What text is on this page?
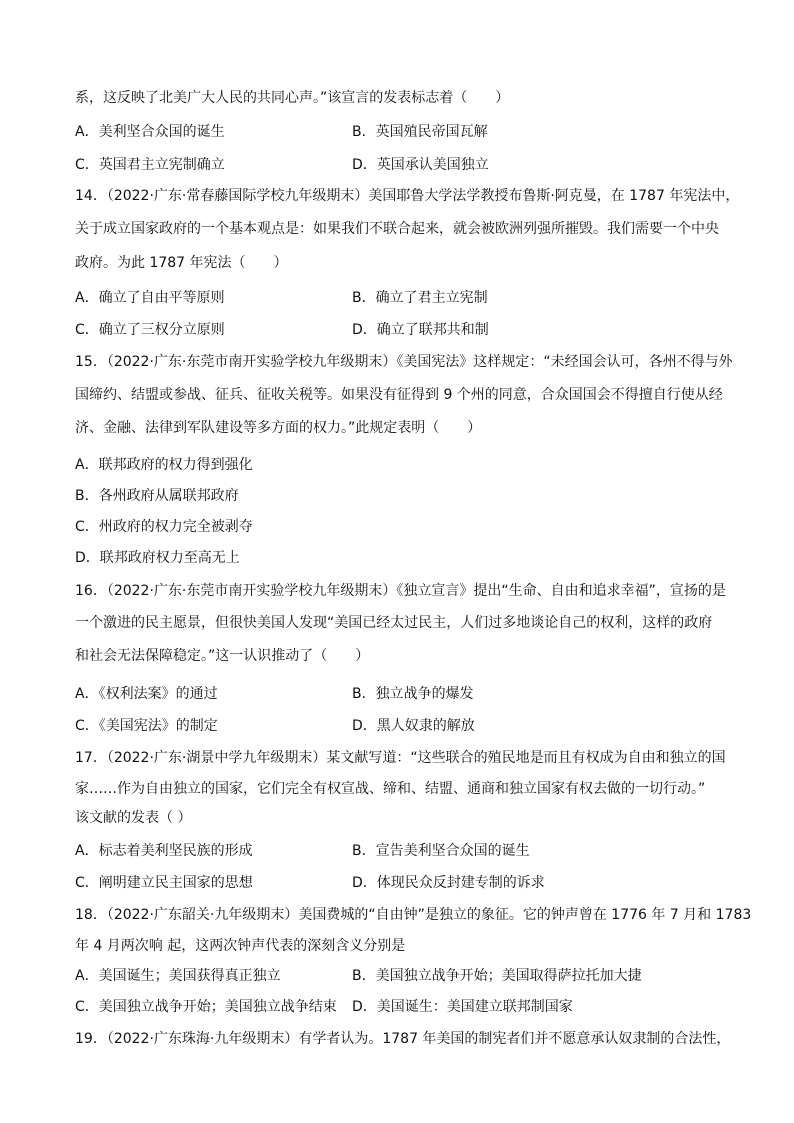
系，这反映了北美广大人民的共同心声。”该宣言的发表标志着（　　）
A．美利坚合众国的诞生	B．英国殖民帝国瓦解
C．英国君主立宪制确立	D．英国承认美国独立
14．（2022·广东·常春藤国际学校九年级期末）美国耶鲁大学法学教授布鲁斯·阿克曼，在 1787 年宪法中，
关于成立国家政府的一个基本观点是：如果我们不联合起来，就会被欧洲列强所摧毁。我们需要一个中央
政府。为此 1787 年宪法（　　）
A．确立了自由平等原则	B．确立了君主立宪制
C．确立了三权分立原则	D．确立了联邦共和制
15．（2022·广东·东莞市南开实验学校九年级期末）《美国宪法》这样规定：“未经国会认可，各州不得与外
国缔约、结盟或参战、征兵、征收关税等。如果没有征得到 9 个州的同意，合众国国会不得擅自行使从经
济、金融、法律到军队建设等多方面的权力。”此规定表明（　　）
A．联邦政府的权力得到强化
B．各州政府从属联邦政府
C．州政府的权力完全被剥夺
D．联邦政府权力至高无上
16．（2022·广东·东莞市南开实验学校九年级期末）《独立宣言》提出“生命、自由和追求幸福”，宣扬的是
一个激进的民主愿景，但很快美国人发现“美国已经太过民主，人们过多地谈论自己的权利，这样的政府
和社会无法保障稳定。”这一认识推动了（　　）
A．《权利法案》的通过	B．独立战争的爆发
C．《美国宪法》的制定	D．黑人奴隶的解放
17．（2022·广东·湖景中学九年级期末）某文献写道：“这些联合的殖民地是而且有权成为自由和独立的国
家……作为自由独立的国家，它们完全有权宣战、缔和、结盟、通商和独立国家有权去做的一切行动。”
该文献的发表（ ）
A．标志着美利坚民族的形成	B．宣告美利坚合众国的诞生
C．阐明建立民主国家的思想	D．体现民众反封建专制的诉求
18．（2022·广东韶关·九年级期末）美国费城的“自由钟”是独立的象征。它的钟声曾在 1776 年 7 月和 1783
年 4 月两次响 起，这两次钟声代表的深刻含义分别是
A．美国诞生；美国获得真正独立	B．美国独立战争开始；美国取得萨拉托加大捷
C．美国独立战争开始；美国独立战争结束 D．美国诞生：美国建立联邦制国家
19．（2022·广东珠海·九年级期末）有学者认为。1787 年美国的制宪者们并不愿意承认奴隶制的合法性，
